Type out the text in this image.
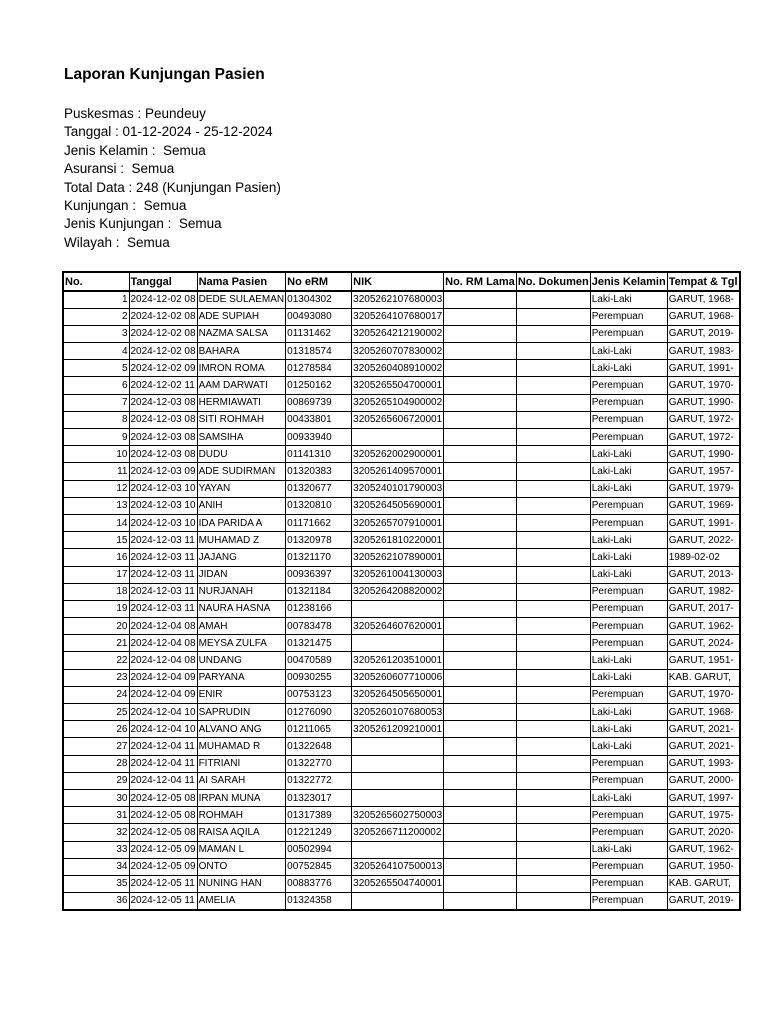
Laporan Kunjungan Pasien
Puskesmas : Peundeuy
Tanggal : 01-12-2024 - 25-12-2024
Jenis Kelamin :  Semua
Asuransi :  Semua
Total Data : 248 (Kunjungan Pasien)
Kunjungan :  Semua
Jenis Kunjungan :  Semua
Wilayah :  Semua
No.	Tanggal	Nama Pasien	No eRM	NIK	No. RM Lama	No. Dokumen	Jenis Kelamin	Tempat & Tgl
1	2024-12-02 08	DEDE SULAEMAN	01304302	3205262107680003			Laki-Laki	GARUT, 1968-
2	2024-12-02 08	ADE SUPIAH	00493080	3205264107680017			Perempuan	GARUT, 1968-
3	2024-12-02 08	NAZMA SALSA	01131462	3205264212190002			Perempuan	GARUT, 2019-
4	2024-12-02 08	BAHARA	01318574	3205260707830002			Laki-Laki	GARUT, 1983-
5	2024-12-02 09	IMRON ROMA	01278584	3205260408910002			Laki-Laki	GARUT, 1991-
6	2024-12-02 11	AAM DARWATI	01250162	3205265504700001			Perempuan	GARUT, 1970-
7	2024-12-03 08	HERMIAWATI	00869739	3205265104900002			Perempuan	GARUT, 1990-
8	2024-12-03 08	SITI ROHMAH	00433801	3205265606720001			Perempuan	GARUT, 1972-
9	2024-12-03 08	SAMSIHA	00933940				Perempuan	GARUT, 1972-
10	2024-12-03 08	DUDU	01141310	3205262002900001			Laki-Laki	GARUT, 1990-
11	2024-12-03 09	ADE SUDIRMAN	01320383	3205261409570001			Laki-Laki	GARUT, 1957-
12	2024-12-03 10	YAYAN	01320677	3205240101790003			Laki-Laki	GARUT, 1979-
13	2024-12-03 10	ANIH	01320810	3205264505690001			Perempuan	GARUT, 1969-
14	2024-12-03 10	IDA PARIDA A	01171662	3205265707910001			Perempuan	GARUT, 1991-
15	2024-12-03 11	MUHAMAD Z	01320978	3205261810220001			Laki-Laki	GARUT, 2022-
16	2024-12-03 11	JAJANG	01321170	3205262107890001			Laki-Laki	1989-02-02
17	2024-12-03 11	JIDAN	00936397	3205261004130003			Laki-Laki	GARUT, 2013-
18	2024-12-03 11	NURJANAH	01321184	3205264208820002			Perempuan	GARUT, 1982-
19	2024-12-03 11	NAURA HASNA	01238166				Perempuan	GARUT, 2017-
20	2024-12-04 08	AMAH	00783478	3205264607620001			Perempuan	GARUT, 1962-
21	2024-12-04 08	MEYSA ZULFA	01321475				Perempuan	GARUT, 2024-
22	2024-12-04 08	UNDANG	00470589	3205261203510001			Laki-Laki	GARUT, 1951-
23	2024-12-04 09	PARYANA	00930255	3205260607710006			Laki-Laki	KAB. GARUT,
24	2024-12-04 09	ENIR	00753123	3205264505650001			Perempuan	GARUT, 1970-
25	2024-12-04 10	SAPRUDIN	01276090	3205260107680053			Laki-Laki	GARUT, 1968-
26	2024-12-04 10	ALVANO ANG	01211065	3205261209210001			Laki-Laki	GARUT, 2021-
27	2024-12-04 11	MUHAMAD R	01322648				Laki-Laki	GARUT, 2021-
28	2024-12-04 11	FITRIANI	01322770				Perempuan	GARUT, 1993-
29	2024-12-04 11	AI SARAH	01322772				Perempuan	GARUT, 2000-
30	2024-12-05 08	IRPAN MUNA	01323017				Laki-Laki	GARUT, 1997-
31	2024-12-05 08	ROHMAH	01317389	3205265602750003			Perempuan	GARUT, 1975-
32	2024-12-05 08	RAISA AQILA	01221249	3205266711200002			Perempuan	GARUT, 2020-
33	2024-12-05 09	MAMAN L	00502994				Laki-Laki	GARUT, 1962-
34	2024-12-05 09	ONTO	00752845	3205264107500013			Perempuan	GARUT, 1950-
35	2024-12-05 11	NUNING HAN	00883776	3205265504740001			Perempuan	KAB. GARUT,
36	2024-12-05 11	AMELIA	01324358				Perempuan	GARUT, 2019-
